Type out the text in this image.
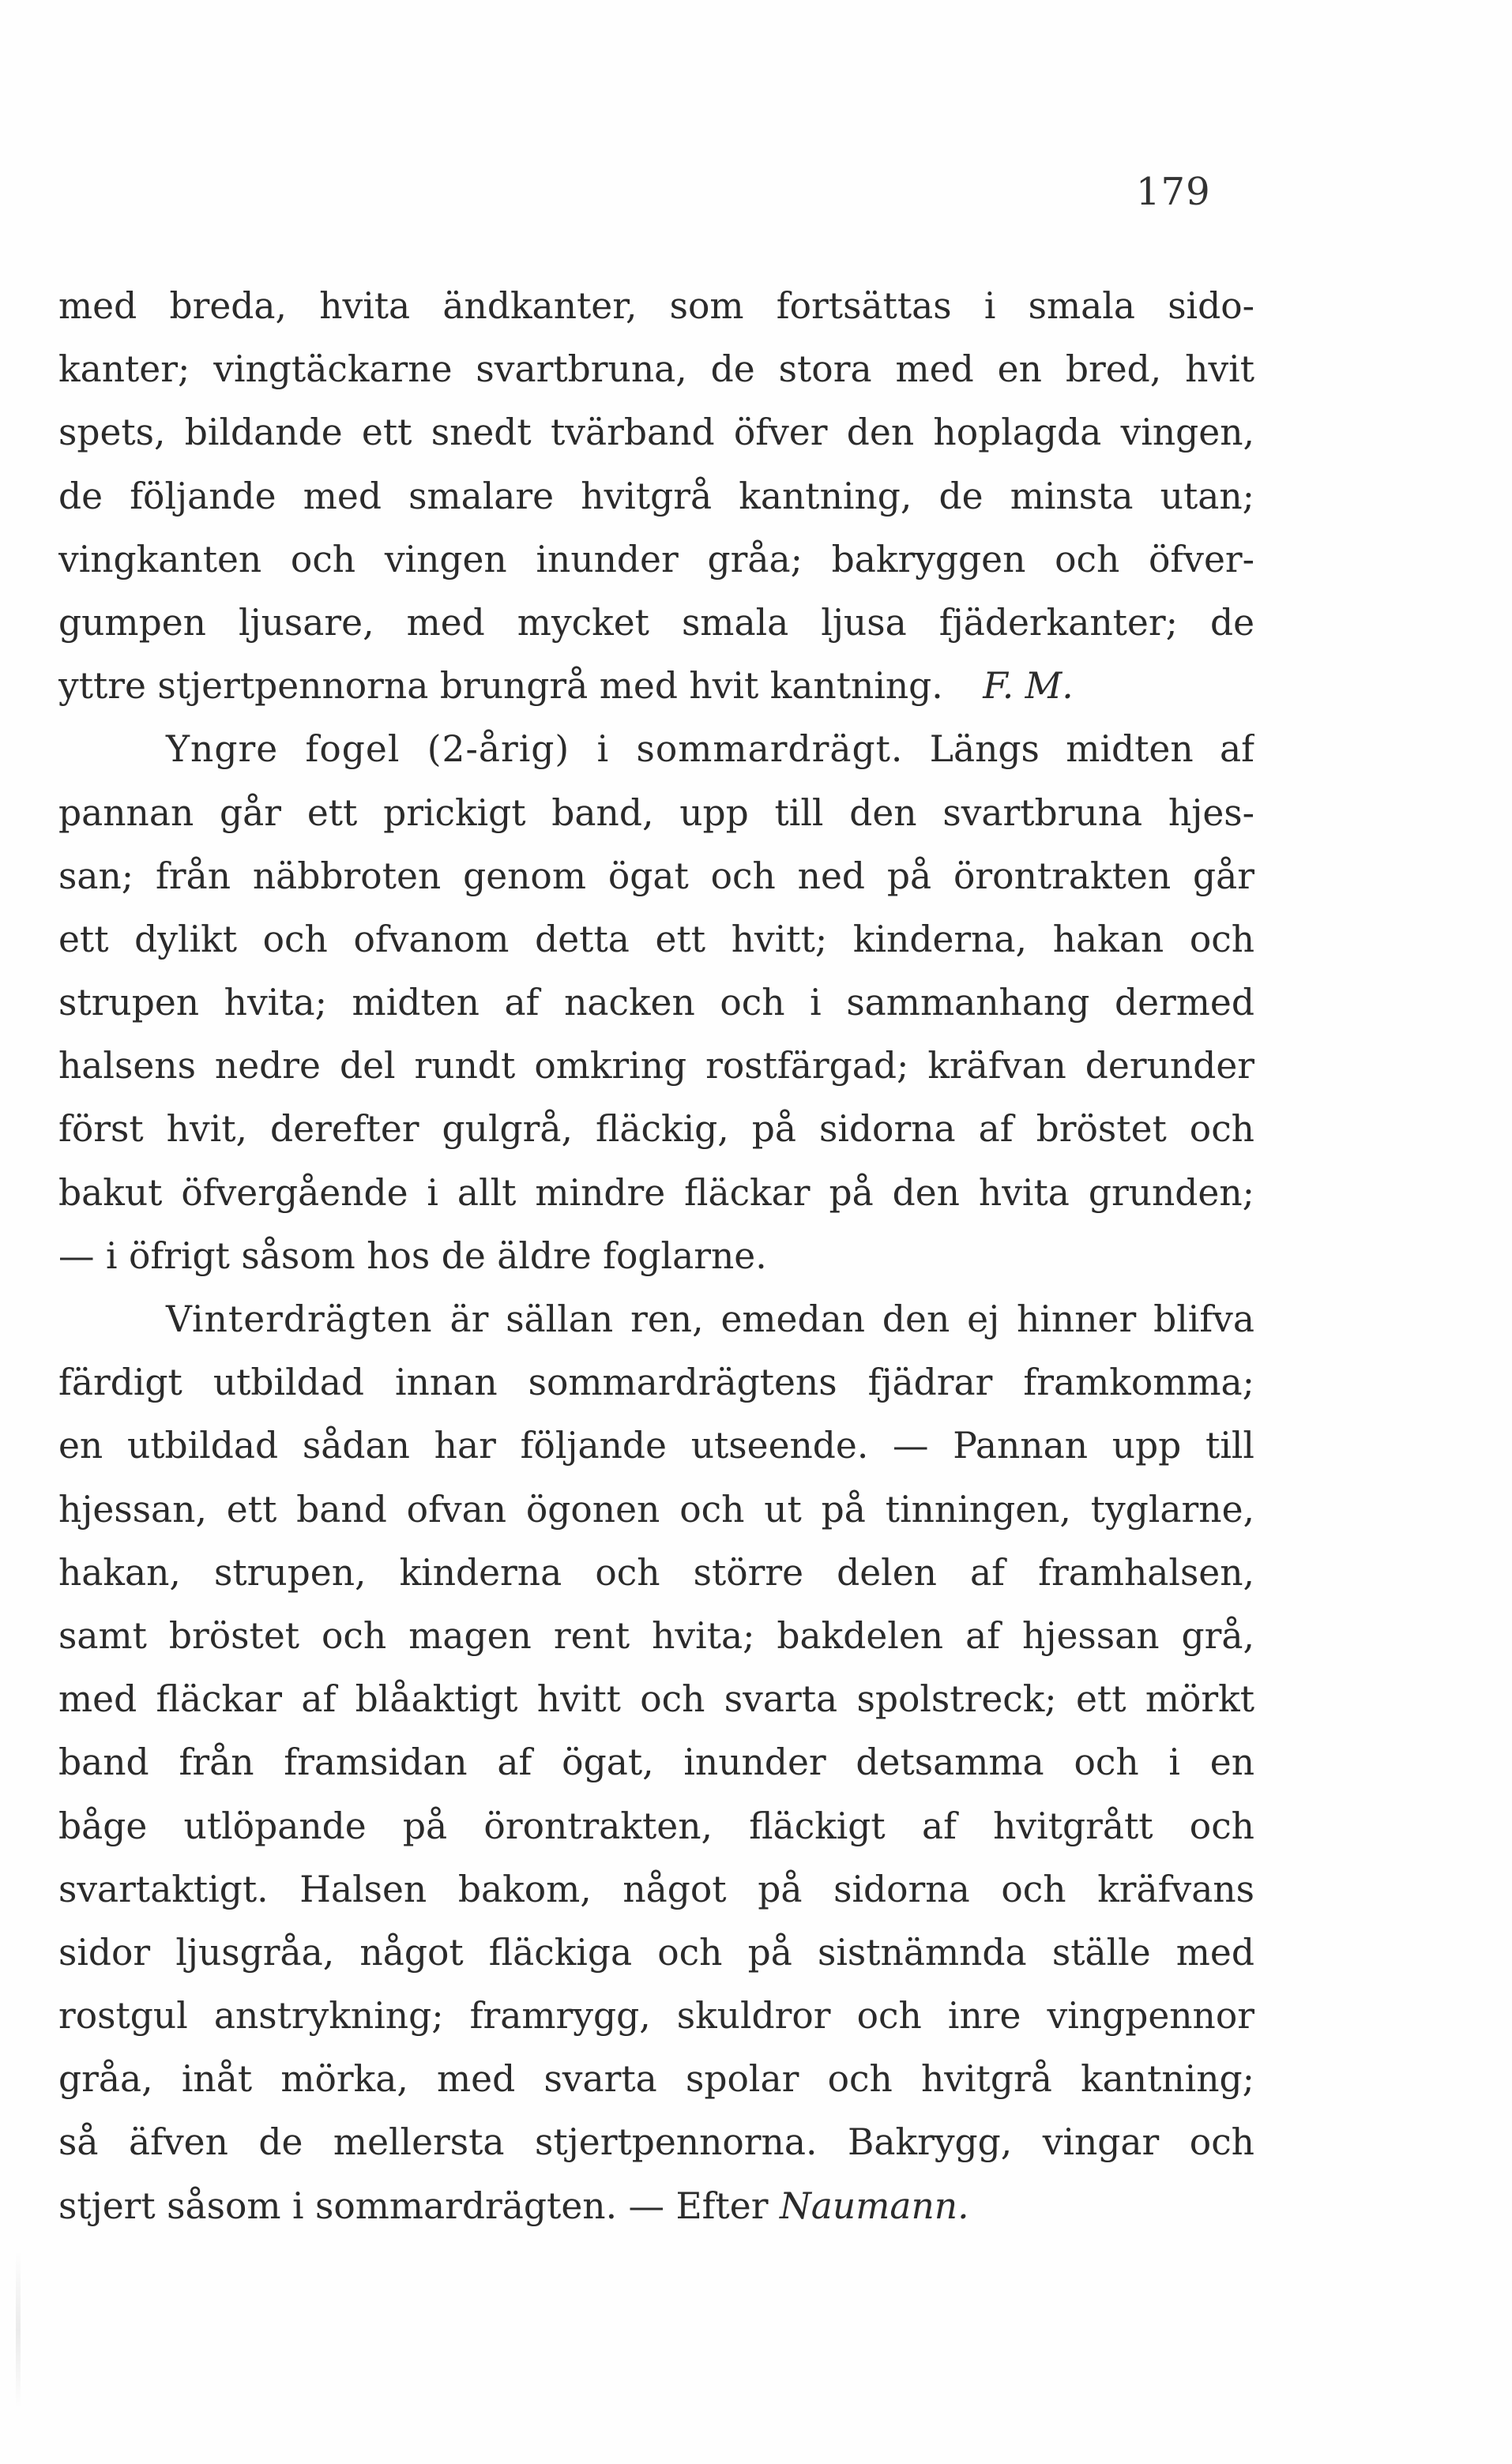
179
med breda, hvita ändkanter, som fortsättas i smala sido-
kanter; vingtäckarne svartbruna, de stora med en bred, hvit
spets, bildande ett snedt tvärband öfver den hoplagda vingen,
de följande med smalare hvitgrå kantning, de minsta utan;
vingkanten och vingen inunder gråa; bakryggen och öfver-
gumpen ljusare, med mycket smala ljusa fjäderkanter; de
yttre stjertpennorna brungrå med hvit kantning. F. M.
Yngre fogel (2-årig) i sommardrägt. Längs midten af
pannan går ett prickigt band, upp till den svartbruna hjes-
san; från näbbroten genom ögat och ned på örontrakten går
ett dylikt och ofvanom detta ett hvitt; kinderna, hakan och
strupen hvita; midten af nacken och i sammanhang dermed
halsens nedre del rundt omkring rostfärgad; kräfvan derunder
först hvit, derefter gulgrå, fläckig, på sidorna af bröstet och
bakut öfvergående i allt mindre fläckar på den hvita grunden;
— i öfrigt såsom hos de äldre foglarne.
Vinterdrägten är sällan ren, emedan den ej hinner blifva
färdigt utbildad innan sommardrägtens fjädrar framkomma;
en utbildad sådan har följande utseende. — Pannan upp till
hjessan, ett band ofvan ögonen och ut på tinningen, tyglarne,
hakan, strupen, kinderna och större delen af framhalsen,
samt bröstet och magen rent hvita; bakdelen af hjessan grå,
med fläckar af blåaktigt hvitt och svarta spolstreck; ett mörkt
band från framsidan af ögat, inunder detsamma och i en
båge utlöpande på örontrakten, fläckigt af hvitgrått och
svartaktigt. Halsen bakom, något på sidorna och kräfvans
sidor ljusgråa, något fläckiga och på sistnämnda ställe med
rostgul anstrykning; framrygg, skuldror och inre vingpennor
gråa, inåt mörka, med svarta spolar och hvitgrå kantning;
så äfven de mellersta stjertpennorna. Bakrygg, vingar och
stjert såsom i sommardrägten. — Efter Naumann.
